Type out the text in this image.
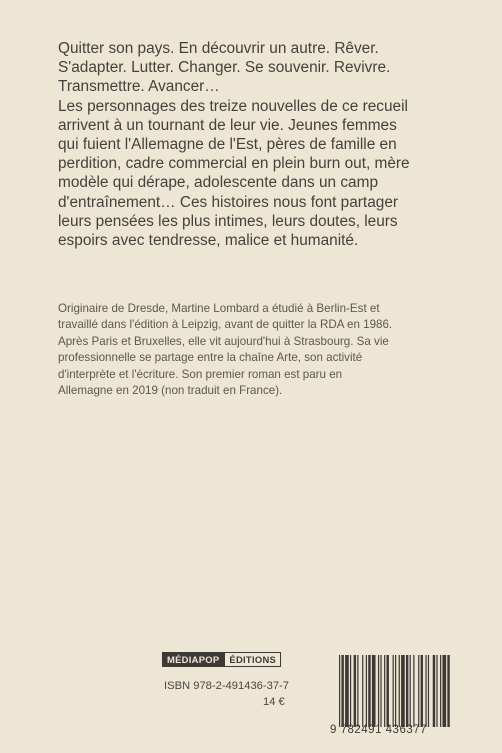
Quitter son pays. En découvrir un autre. Rêver.
S'adapter. Lutter. Changer. Se souvenir. Revivre.
Transmettre. Avancer…
Les personnages des treize nouvelles de ce recueil
arrivent à un tournant de leur vie. Jeunes femmes
qui fuient l'Allemagne de l'Est, pères de famille en
perdition, cadre commercial en plein burn out, mère
modèle qui dérape, adolescente dans un camp
d'entraînement… Ces histoires nous font partager
leurs pensées les plus intimes, leurs doutes, leurs
espoirs avec tendresse, malice et humanité.
Originaire de Dresde, Martine Lombard a étudié à Berlin-Est et
travaillé dans l'édition à Leipzig, avant de quitter la RDA en 1986.
Après Paris et Bruxelles, elle vit aujourd'hui à Strasbourg. Sa vie
professionnelle se partage entre la chaîne Arte, son activité
d'interprète et l'écriture. Son premier roman est paru en
Allemagne en 2019 (non traduit en France).
MÉDIAPOP	ÉDITIONS
ISBN 978-2-491436-37-7
14 €
9 782491 436377
